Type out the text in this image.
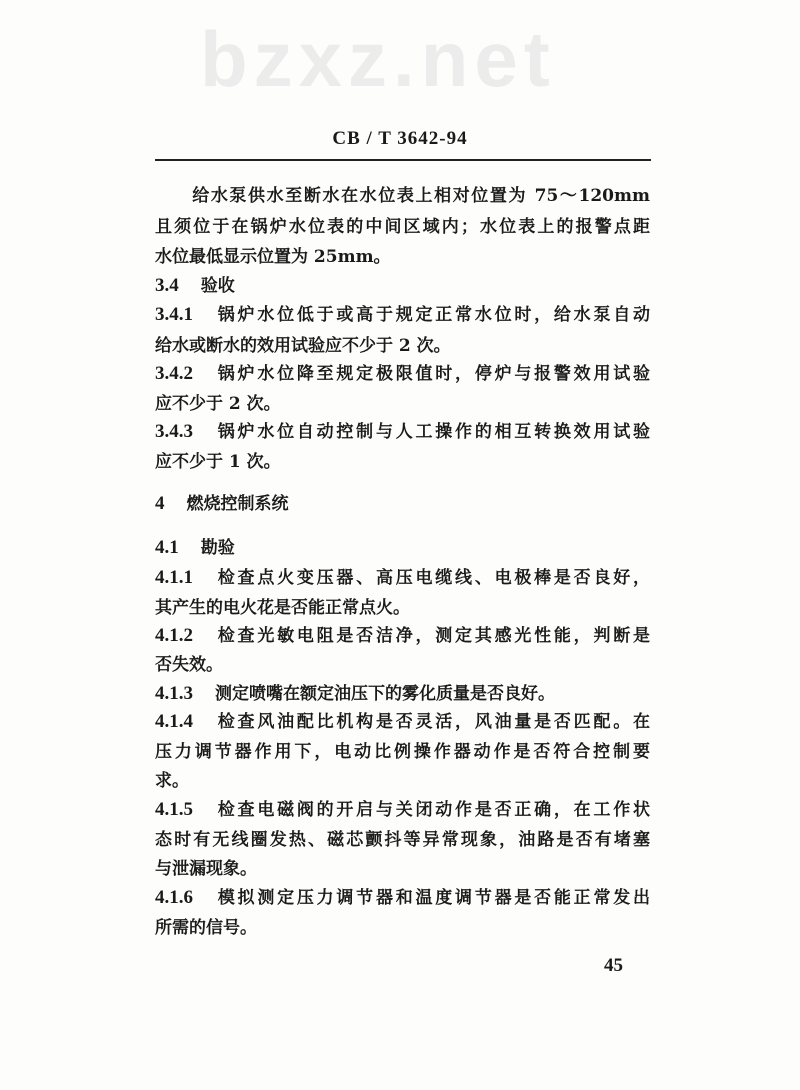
bzxz.net
CB / T 3642-94
　　给水泵供水至断水在水位表上相对位置为 75～120mm
且须位于在锅炉水位表的中间区域内；水位表上的报警点距
水位最低显示位置为 25mm。
3.4 验收
3.4.1 锅炉水位低于或高于规定正常水位时，给水泵自动
给水或断水的效用试验应不少于 2 次。
3.4.2 锅炉水位降至规定极限值时，停炉与报警效用试验
应不少于 2 次。
3.4.3 锅炉水位自动控制与人工操作的相互转换效用试验
应不少于 1 次。
4 燃烧控制系统
4.1 勘验
4.1.1 检查点火变压器、高压电缆线、电极棒是否良好，
其产生的电火花是否能正常点火。
4.1.2 检查光敏电阻是否洁净，测定其感光性能，判断是
否失效。
4.1.3 测定喷嘴在额定油压下的雾化质量是否良好。
4.1.4 检查风油配比机构是否灵活，风油量是否匹配。在
压力调节器作用下，电动比例操作器动作是否符合控制要
求。
4.1.5 检查电磁阀的开启与关闭动作是否正确，在工作状
态时有无线圈发热、磁芯颤抖等异常现象，油路是否有堵塞
与泄漏现象。
4.1.6 模拟测定压力调节器和温度调节器是否能正常发出
所需的信号。
45
